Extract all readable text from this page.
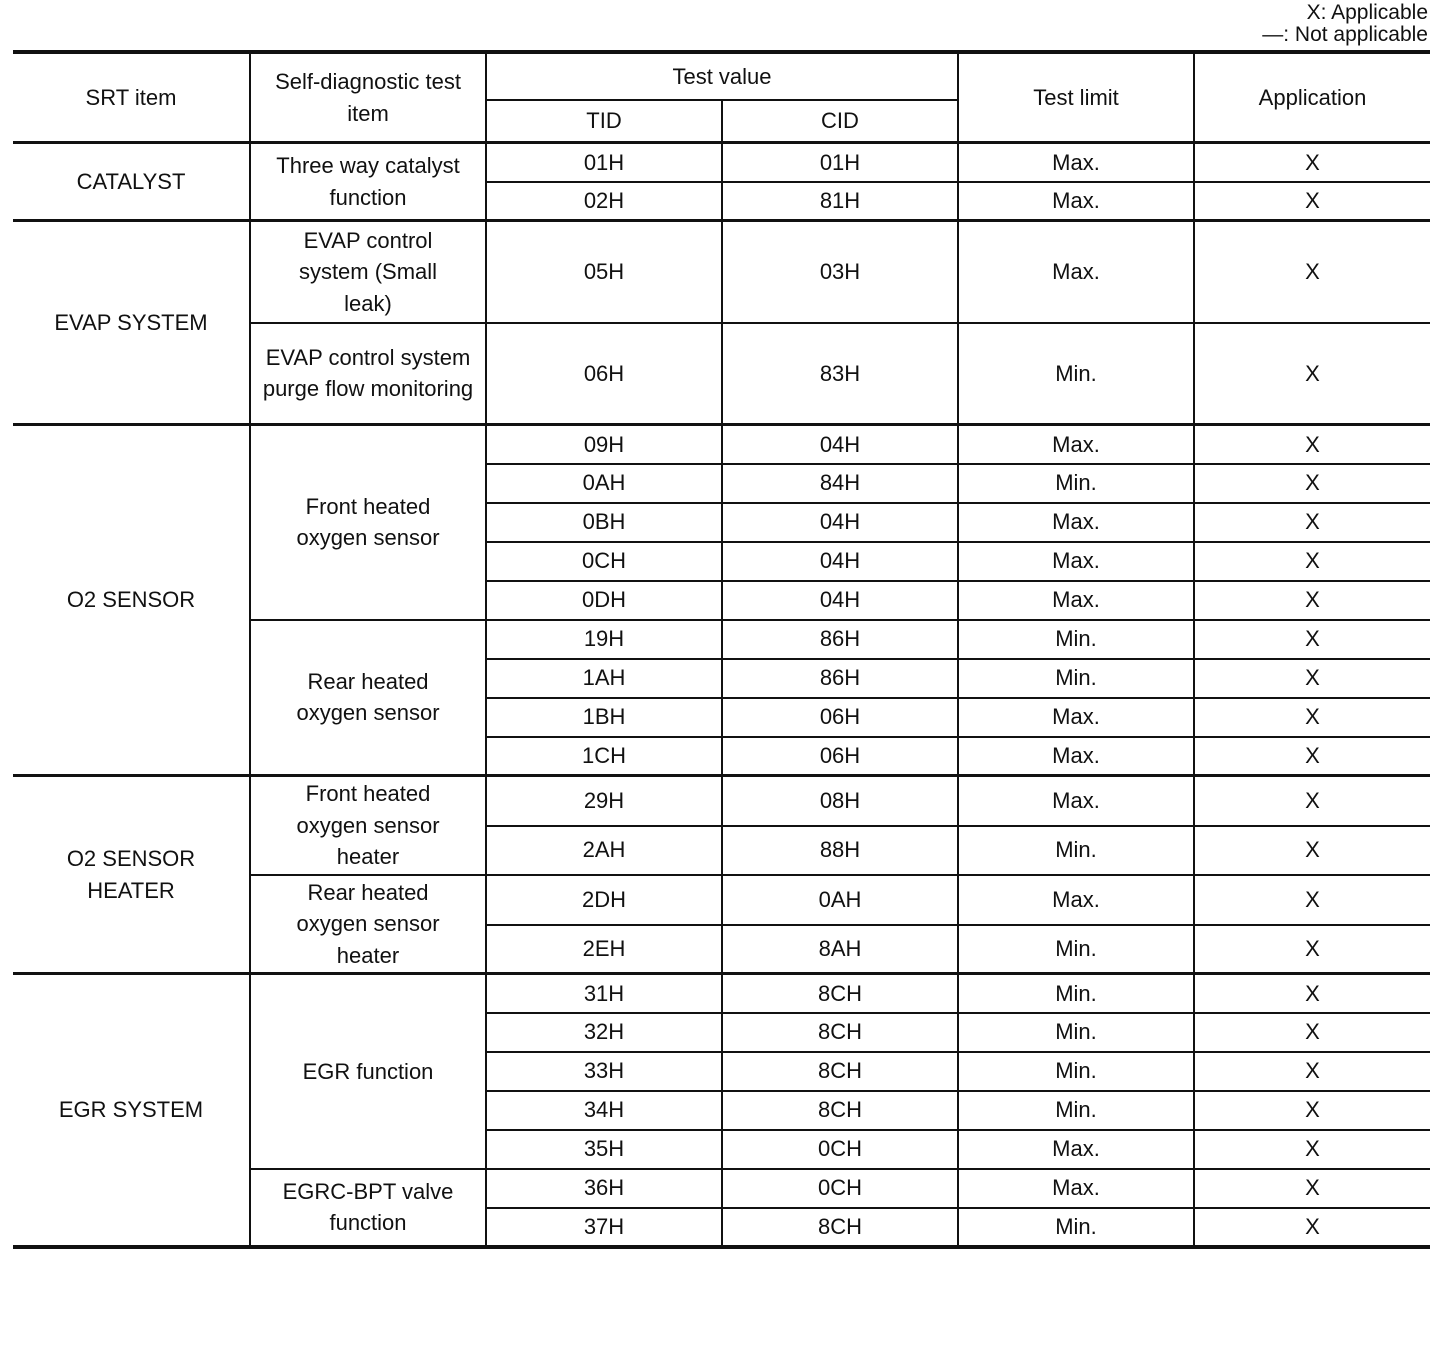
X: Applicable
—: Not applicable
SRT item	Self-diagnostic test item	Test value		Test limit	Application
		TID	CID		
CATALYST	Three way catalyst function	01H	01H	Max.	X
		02H	81H	Max.	X
EVAP SYSTEM	EVAP control system (Small leak)	05H	03H	Max.	X
	EVAP control system purge flow monitoring	06H	83H	Min.	X
O2 SENSOR	Front heated oxygen sensor	09H	04H	Max.	X
		0AH	84H	Min.	X
		0BH	04H	Max.	X
		0CH	04H	Max.	X
		0DH	04H	Max.	X
	Rear heated oxygen sensor	19H	86H	Min.	X
		1AH	86H	Min.	X
		1BH	06H	Max.	X
		1CH	06H	Max.	X
O2 SENSOR HEATER	Front heated oxygen sensor heater	29H	08H	Max.	X
		2AH	88H	Min.	X
	Rear heated oxygen sensor heater	2DH	0AH	Max.	X
		2EH	8AH	Min.	X
EGR SYSTEM	EGR function	31H	8CH	Min.	X
		32H	8CH	Min.	X
		33H	8CH	Min.	X
		34H	8CH	Min.	X
		35H	0CH	Max.	X
	EGRC-BPT valve function	36H	0CH	Max.	X
		37H	8CH	Min.	X
